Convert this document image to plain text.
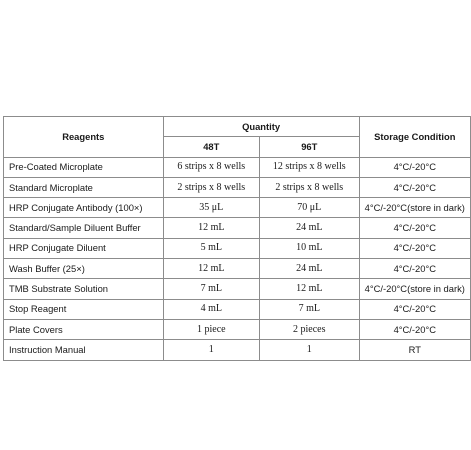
Reagents	Quantity		Storage Condition
	48T	96T	
Pre-Coated Microplate	6 strips x 8 wells	12 strips x 8 wells	4°C/-20°C
Standard Microplate	2 strips x 8 wells	2 strips x 8 wells	4°C/-20°C
HRP Conjugate Antibody (100×)	35 μL	70 μL	4°C/-20°C(store in dark)
Standard/Sample Diluent Buffer	12 mL	24 mL	4°C/-20°C
HRP Conjugate Diluent	5 mL	10 mL	4°C/-20°C
Wash Buffer (25×)	12 mL	24 mL	4°C/-20°C
TMB Substrate Solution	7 mL	12 mL	4°C/-20°C(store in dark)
Stop Reagent	4 mL	7 mL	4°C/-20°C
Plate Covers	1 piece	2 pieces	4°C/-20°C
Instruction Manual	1	1	RT
